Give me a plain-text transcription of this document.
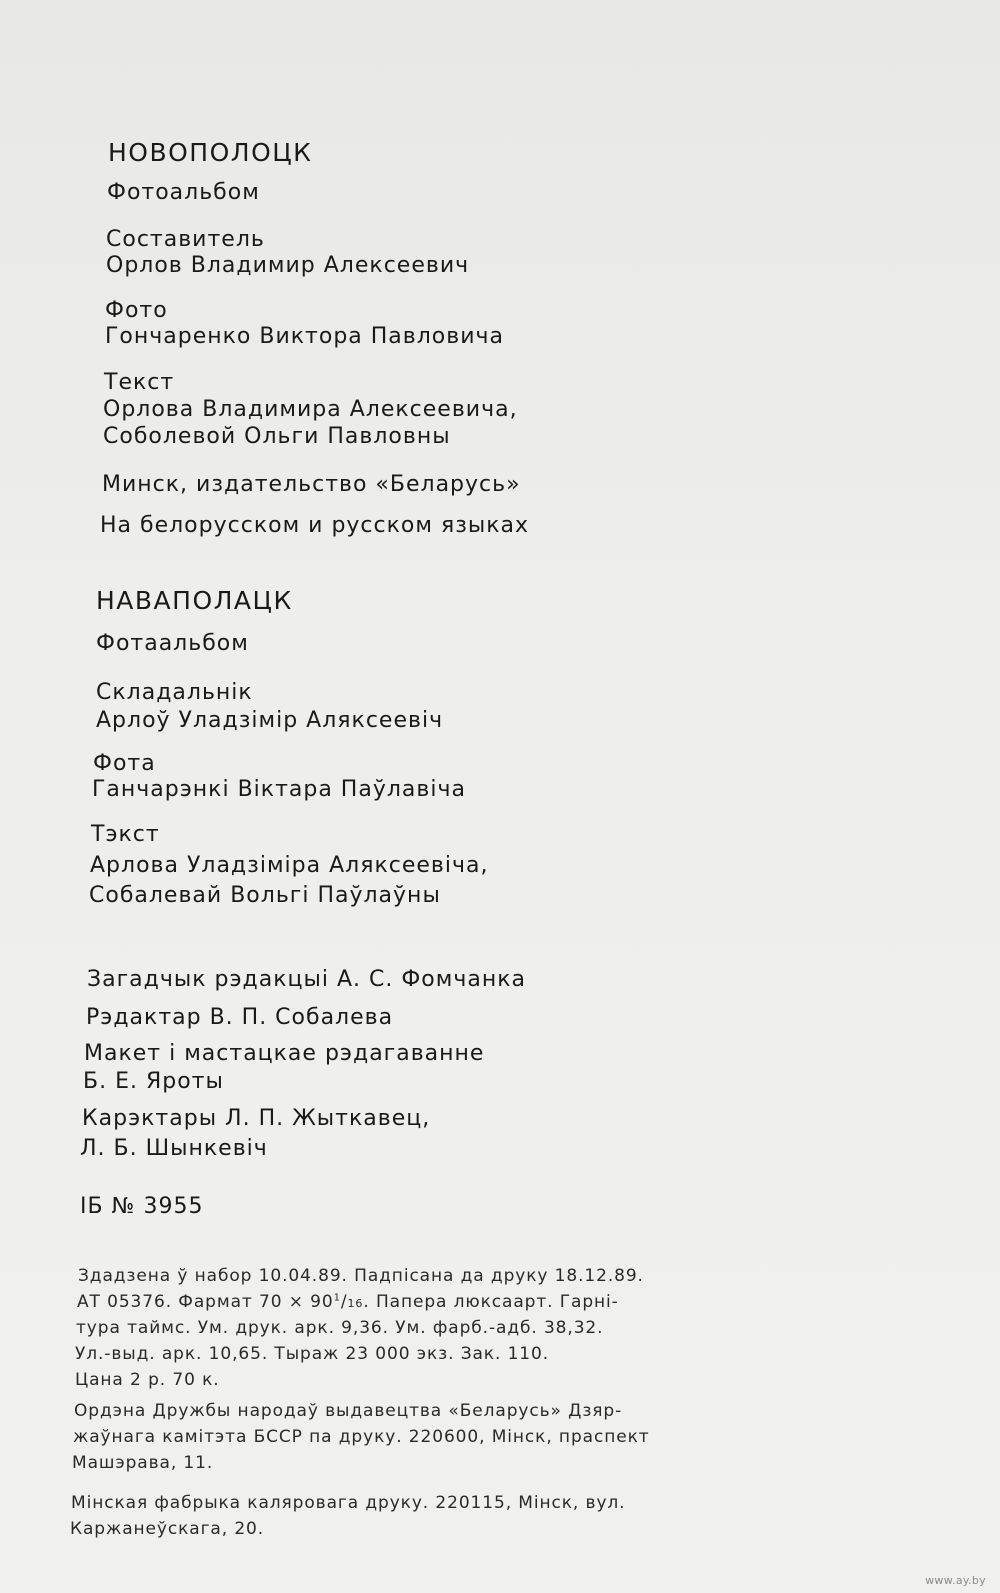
НОВОПОЛОЦК
Фотоальбом
Составитель
Орлов Владимир Алексеевич
Фото
Гончаренко Виктора Павловича
Текст
Орлова Владимира Алексеевича,
Соболевой Ольги Павловны
Минск, издательство «Беларусь»
На белорусском и русском языках
НАВАПОЛАЦК
Фотаальбом
Складальнік
Арлоў Уладзімір Аляксеевіч
Фота
Ганчарэнкі Віктара Паўлавіча
Тэкст
Арлова Уладзіміра Аляксеевіча,
Собалевай Вольгі Паўлаўны
Загадчык рэдакцыі А. С. Фомчанка
Рэдактар В. П. Собалева
Макет і мастацкае рэдагаванне
Б. Е. Яроты
Карэктары Л. П. Жыткавец,
Л. Б. Шынкевіч
ІБ № 3955
Здадзена ў набор 10.04.89. Падпісана да друку 18.12.89.
АТ 05376. Фармат $70 \times 90^1/16$. Папера люксаарт. Гарні-
тура таймс. Ум. друк. арк. 9,36. Ум. фарб.-адб. 38,32.
Ул.-выд. арк. 10,65. Тыраж 23 000 экз. Зак. 110.
Цана 2 р. 70 к.
Ордэна Дружбы народаў выдавецтва «Беларусь» Дзяр-
жаўнага камітэта БССР па друку. 220600, Мінск, праспект
Машэрава, 11.
Мінская фабрыка каляровага друку. 220115, Мінск, вул.
Каржанеўскага, 20.
www.ay.by
